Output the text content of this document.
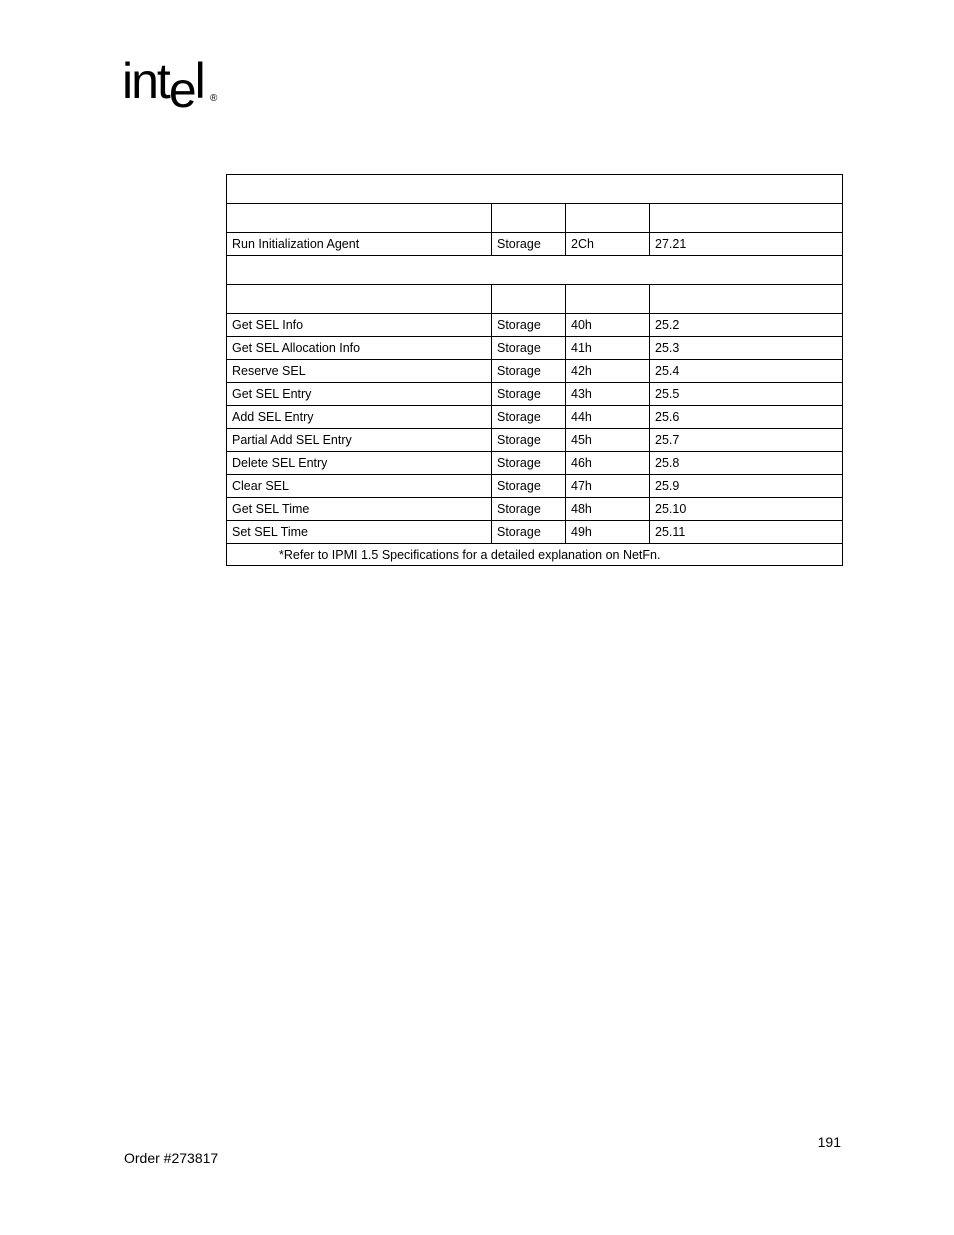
intel ®

Run Initialization Agent	Storage	2Ch	27.21

Get SEL Info	Storage	40h	25.2
Get SEL Allocation Info	Storage	41h	25.3
Reserve SEL	Storage	42h	25.4
Get SEL Entry	Storage	43h	25.5
Add SEL Entry	Storage	44h	25.6
Partial Add SEL Entry	Storage	45h	25.7
Delete SEL Entry	Storage	46h	25.8
Clear SEL	Storage	47h	25.9
Get SEL Time	Storage	48h	25.10
Set SEL Time	Storage	49h	25.11
*Refer to IPMI 1.5 Specifications for a detailed explanation on NetFn.			
191
Order #273817
